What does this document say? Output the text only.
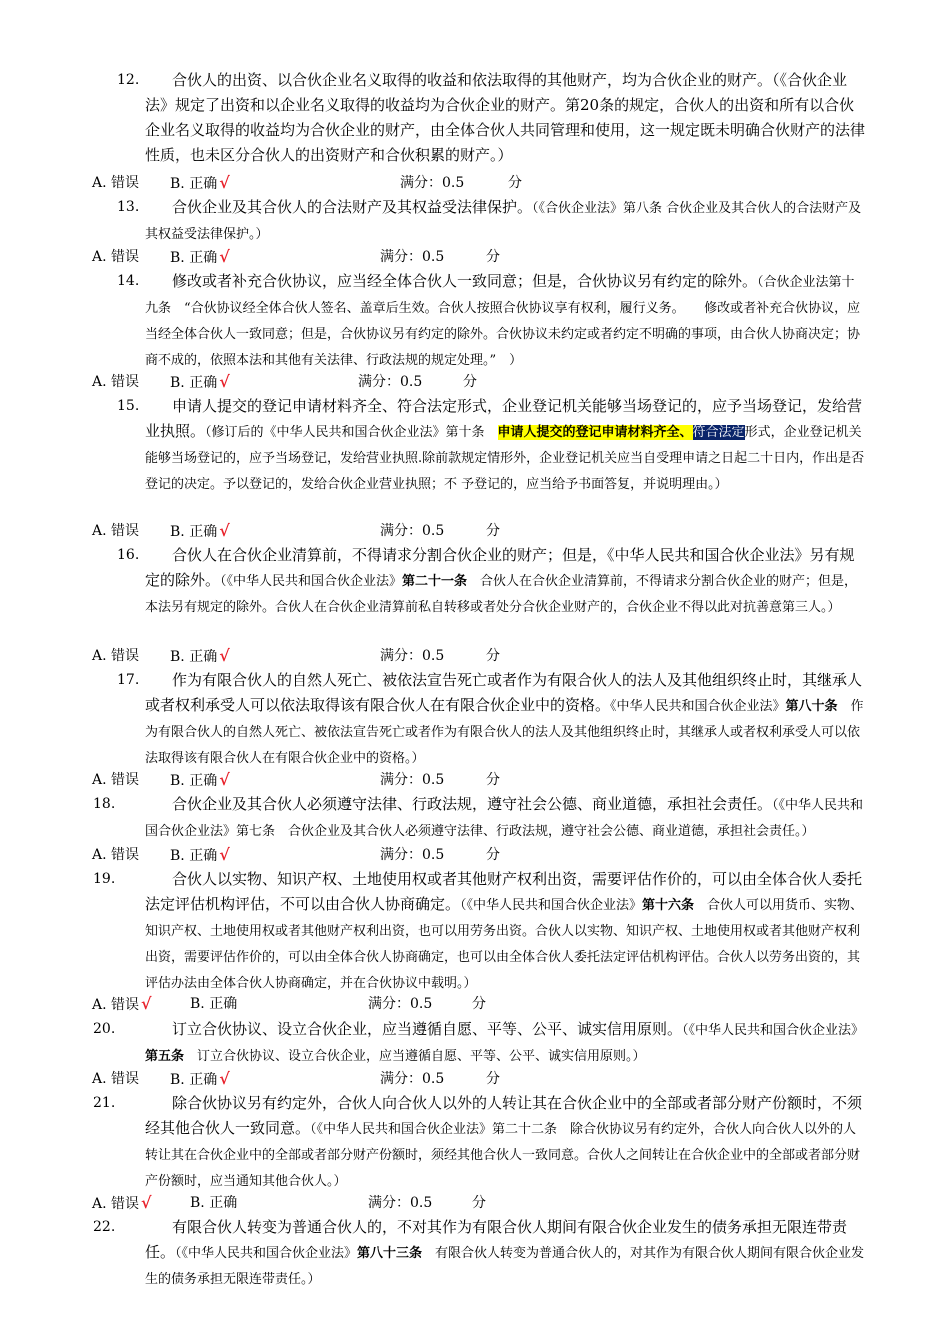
12.	合伙人的出资、以合伙企业名义取得的收益和依法取得的其他财产，均为合伙企业的财产。（《合伙企业法》规定了出资和以企业名义取得的收益均为合伙企业的财产。第20条的规定，合伙人的出资和所有以合伙企业名义取得的收益均为合伙企业的财产，由全体合伙人共同管理和使用，这一规定既未明确合伙财产的法律性质，也未区分合伙人的出资财产和合伙积累的财产。）

A. 错误 B. 正确 √	满分：0.5	分
13.	合伙企业及其合伙人的合法财产及其权益受法律保护。（《合伙企业法》第八条 合伙企业及其合伙人的合法财产及其权益受法律保护。）

A. 错误 B. 正确 √	满分：0.5	分
14.	修改或者补充合伙协议，应当经全体合伙人一致同意；但是，合伙协议另有约定的除外。（合伙企业法第十九条　“合伙协议经全体合伙人签名、盖章后生效。合伙人按照合伙协议享有权利，履行义务。　　修改或者补充合伙协议，应当经全体合伙人一致同意；但是，合伙协议另有约定的除外。合伙协议未约定或者约定不明确的事项，由合伙人协商决定；协商不成的，依照本法和其他有关法律、行政法规的规定处理。”　）

A. 错误 B. 正确 √	满分：0.5	分
15.	申请人提交的登记申请材料齐全、符合法定形式，企业登记机关能够当场登记的，应予当场登记，发给营业执照。（修订后的《中华人民共和国合伙企业法》第十条　申请人提交的登记申请材料齐全、符合法定形式，企业登记机关能够当场登记的，应予当场登记，发给营业执照.除前款规定情形外，企业登记机关应当自受理申请之日起二十日内，作出是否登记的决定。予以登记的，发给合伙企业营业执照；不 予登记的，应当给予书面答复，并说明理由。）

A. 错误 B. 正确 √	满分：0.5	分
16.	合伙人在合伙企业清算前，不得请求分割合伙企业的财产；但是，《中华人民共和国合伙企业法》另有规定的除外。（《中华人民共和国合伙企业法》第二十一条　合伙人在合伙企业清算前，不得请求分割合伙企业的财产；但是，本法另有规定的除外。合伙人在合伙企业清算前私自转移或者处分合伙企业财产的，合伙企业不得以此对抗善意第三人。）

A. 错误 B. 正确 √	满分：0.5	分
17.	作为有限合伙人的自然人死亡、被依法宣告死亡或者作为有限合伙人的法人及其他组织终止时，其继承人或者权利承受人可以依法取得该有限合伙人在有限合伙企业中的资格。《中华人民共和国合伙企业法》第八十条　作为有限合伙人的自然人死亡、被依法宣告死亡或者作为有限合伙人的法人及其他组织终止时，其继承人或者权利承受人可以依法取得该有限合伙人在有限合伙企业中的资格。）

A. 错误 B. 正确 √	满分：0.5	分
18.	合伙企业及其合伙人必须遵守法律、行政法规，遵守社会公德、商业道德，承担社会责任。（《中华人民共和国合伙企业法》第七条　合伙企业及其合伙人必须遵守法律、行政法规，遵守社会公德、商业道德，承担社会责任。）

A. 错误 B. 正确 √	满分：0.5	分
19.	合伙人以实物、知识产权、土地使用权或者其他财产权利出资，需要评估作价的，可以由全体合伙人委托法定评估机构评估，不可以由合伙人协商确定。（《中华人民共和国合伙企业法》第十六条　合伙人可以用货币、实物、知识产权、土地使用权或者其他财产权利出资，也可以用劳务出资。合伙人以实物、知识产权、土地使用权或者其他财产权利出资，需要评估作价的，可以由全体合伙人协商确定，也可以由全体合伙人委托法定评估机构评估。合伙人以劳务出资的，其评估办法由全体合伙人协商确定，并在合伙协议中载明。）

A. 错误 √	B. 正确	满分：0.5	分
20.	订立合伙协议、设立合伙企业，应当遵循自愿、平等、公平、诚实信用原则。（《中华人民共和国合伙企业法》第五条　订立合伙协议、设立合伙企业，应当遵循自愿、平等、公平、诚实信用原则。）

A. 错误 B. 正确 √	满分：0.5	分
21.	除合伙协议另有约定外，合伙人向合伙人以外的人转让其在合伙企业中的全部或者部分财产份额时，不须经其他合伙人一致同意。（《中华人民共和国合伙企业法》第二十二条　除合伙协议另有约定外，合伙人向合伙人以外的人转让其在合伙企业中的全部或者部分财产份额时，须经其他合伙人一致同意。合伙人之间转让在合伙企业中的全部或者部分财产份额时，应当通知其他合伙人。）

A. 错误 √	B. 正确	满分：0.5	分
22.	有限合伙人转变为普通合伙人的，不对其作为有限合伙人期间有限合伙企业发生的债务承担无限连带责任。（《中华人民共和国合伙企业法》第八十三条　有限合伙人转变为普通合伙人的，对其作为有限合伙人期间有限合伙企业发生的债务承担无限连带责任。）
